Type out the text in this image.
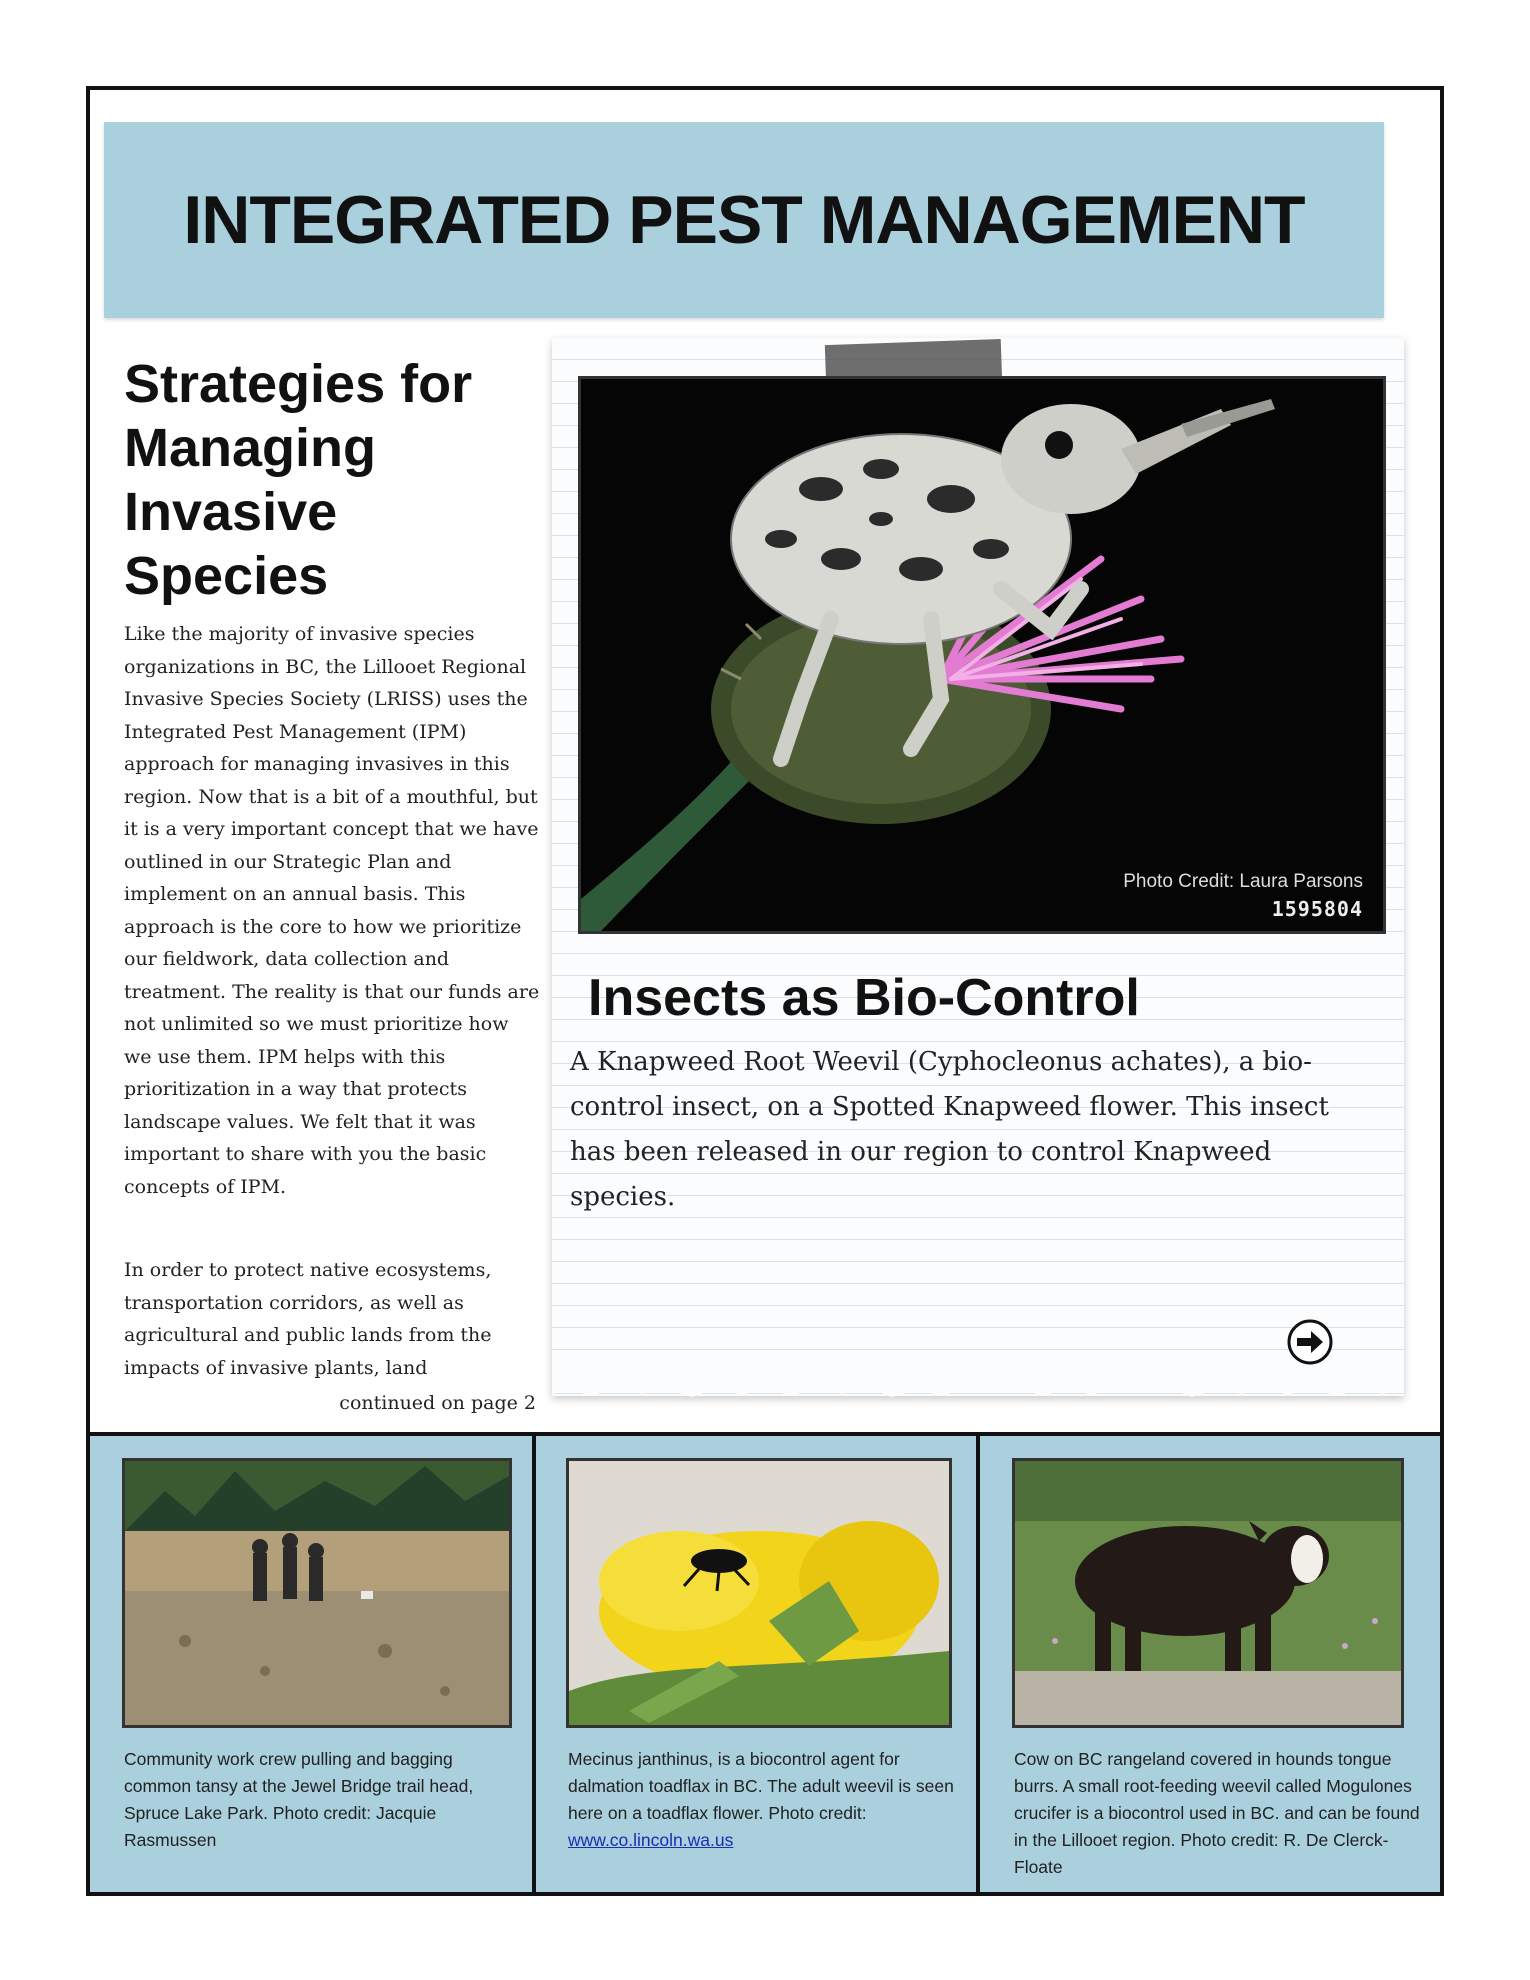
INTEGRATED PEST MANAGEMENT
Strategies for Managing Invasive Species

Like the majority of invasive species organizations in BC, the Lillooet Regional Invasive Species Society (LRISS) uses the Integrated Pest Management (IPM) approach for managing invasives in this region. Now that is a bit of a mouthful, but it is a very important concept that we have outlined in our Strategic Plan and implement on an annual basis. This approach is the core to how we prioritize our fieldwork, data collection and treatment. The reality is that our funds are not unlimited so we must prioritize how we use them. IPM helps with this prioritization in a way that protects landscape values. We felt that it was important to share with you the basic concepts of IPM.

In order to protect native ecosystems, transportation corridors, as well as agricultural and public lands from the impacts of invasive plants, land

continued on page 2
Photo Credit: Laura Parsons
1595804
Insects as Bio-Control

A Knapweed Root Weevil (Cyphocleonus achates), a bio-control insect, on a Spotted Knapweed flower. This insect has been released in our region to control Knapweed species.

Community work crew pulling and bagging common tansy at the Jewel Bridge trail head, Spruce Lake Park. Photo credit: Jacquie Rasmussen

Mecinus janthinus, is a biocontrol agent for dalmation toadflax in BC. The adult weevil is seen here on a toadflax flower. Photo credit:
www.co.lincoln.wa.us

Cow on BC rangeland covered in hounds tongue burrs. A small root-feeding weevil called Mogulones crucifer is a biocontrol used in BC. and can be found in the Lillooet region. Photo credit: R. De Clerck-Floate
